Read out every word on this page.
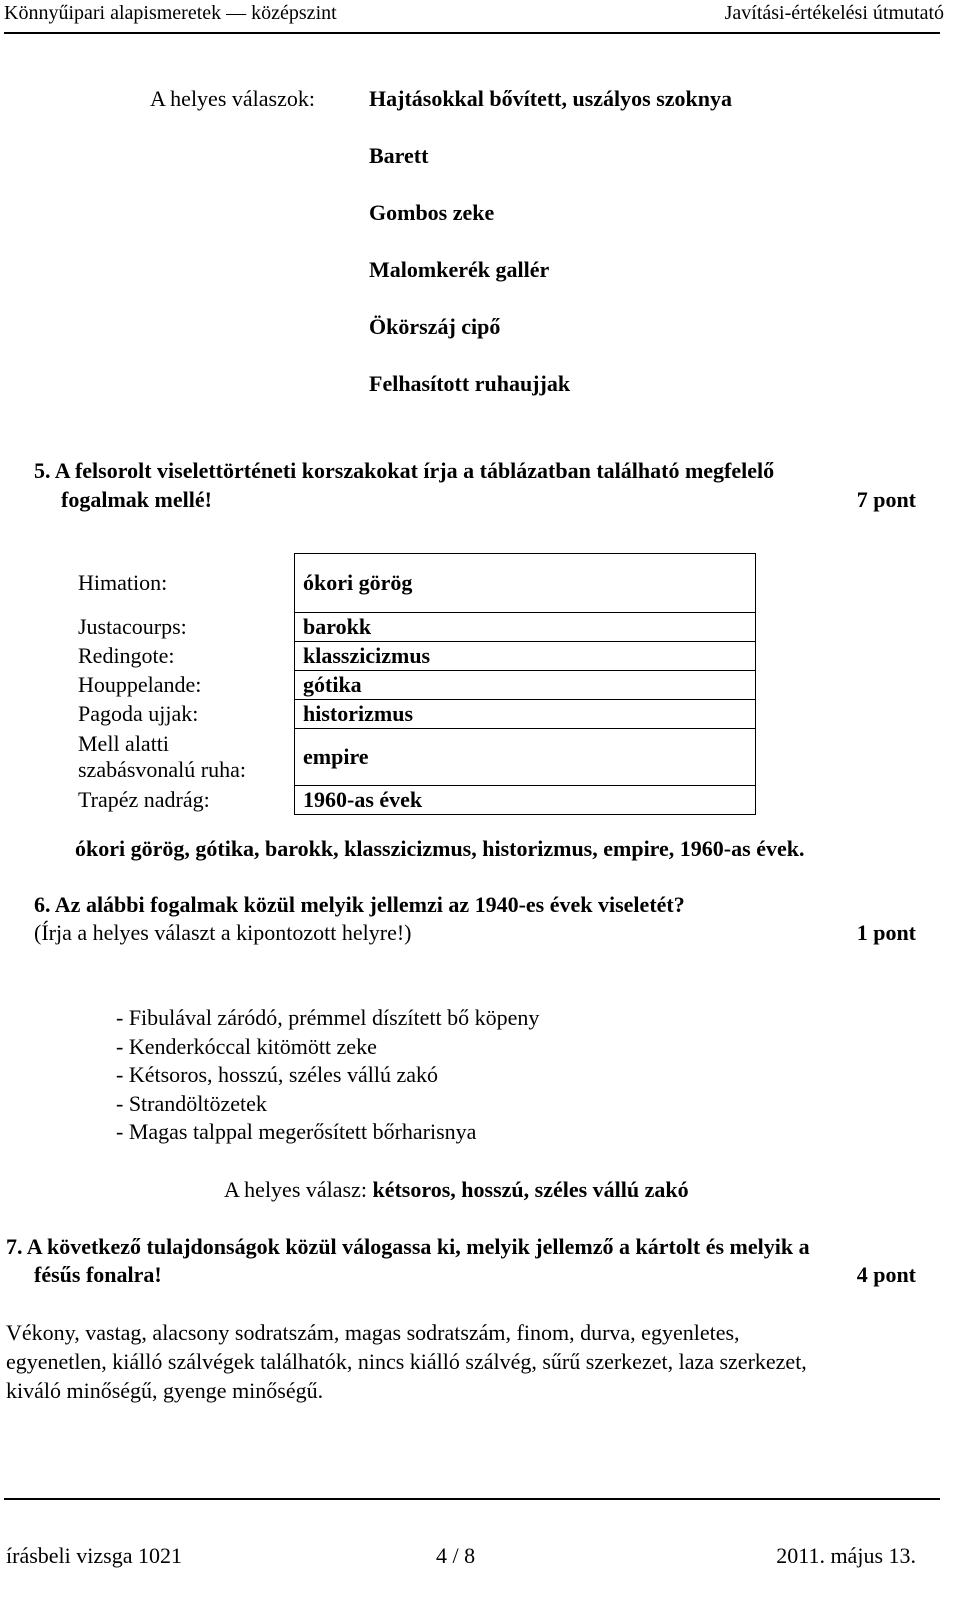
Könnyűipari alapismeretek — középszint	Javítási-értékelési útmutató
A helyes válaszok: Hajtásokkal bővített, uszályos szoknya
Barett
Gombos zeke
Malomkerék gallér
Ökörszáj cipő
Felhasított ruhaujjak
5. A felsorolt viselettörténeti korszakokat írja a táblázatban található megfelelő
fogalmak mellé!	7 pont
Himation:	ókori görög
Justacourps:	barokk
Redingote:	klasszicizmus
Houppelande:	gótika
Pagoda ujjak:	historizmus

Mell alatti
szabásvonalú ruha:	empire
Trapéz nadrág:	1960-as évek
ókori görög, gótika, barokk, klasszicizmus, historizmus, empire, 1960-as évek.
6. Az alábbi fogalmak közül melyik jellemzi az 1940-es évek viseletét?
(Írja a helyes választ a kipontozott helyre!)	1 pont
- Fibulával záródó, prémmel díszített bő köpeny
- Kenderkóccal kitömött zeke
- Kétsoros, hosszú, széles vállú zakó
- Strandöltözetek
- Magas talppal megerősített bőrharisnya
A helyes válasz: kétsoros, hosszú, széles vállú zakó
7. A következő tulajdonságok közül válogassa ki, melyik jellemző a kártolt és melyik a
fésűs fonalra!	4 pont
Vékony, vastag, alacsony sodratszám, magas sodratszám, finom, durva, egyenletes,
egyenetlen, kiálló szálvégek találhatók, nincs kiálló szálvég, sűrű szerkezet, laza szerkezet,
kiváló minőségű, gyenge minőségű.
írásbeli vizsga 1021	4 / 8	2011. május 13.
